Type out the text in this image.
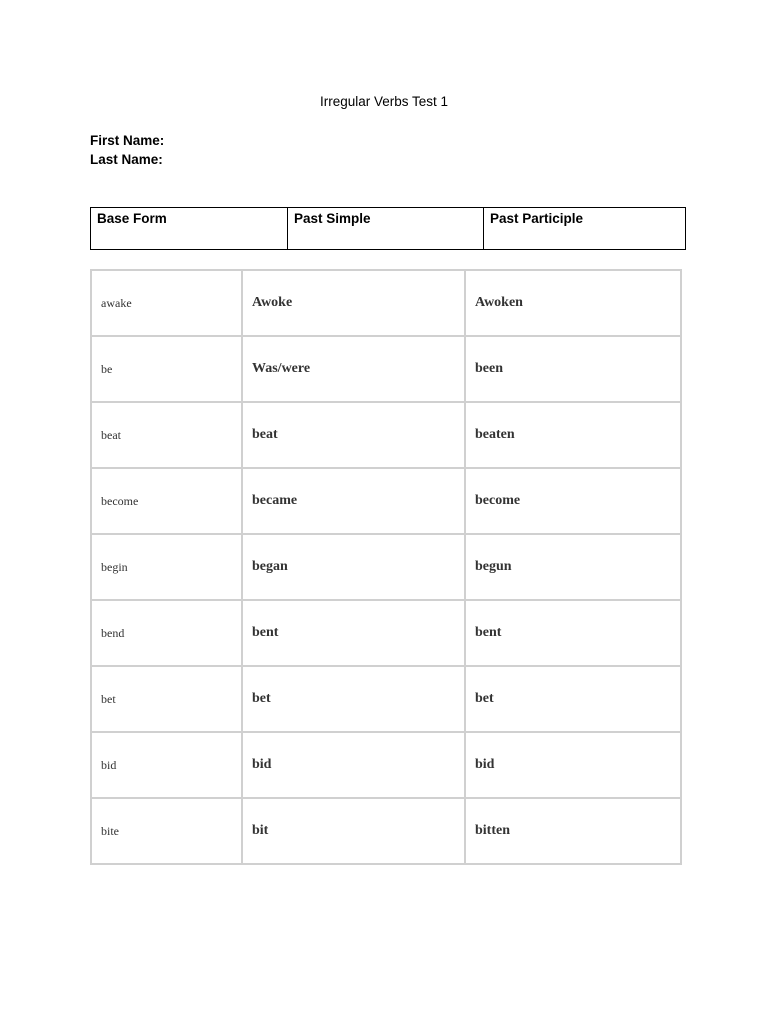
Irregular Verbs Test 1
First Name:
Last Name:
Base Form	Past Simple	Past Participle
awake	Awoke	Awoken
be	Was/were	been
beat	beat	beaten
become	became	become
begin	began	begun
bend	bent	bent
bet	bet	bet
bid	bid	bid
bite	bit	bitten
